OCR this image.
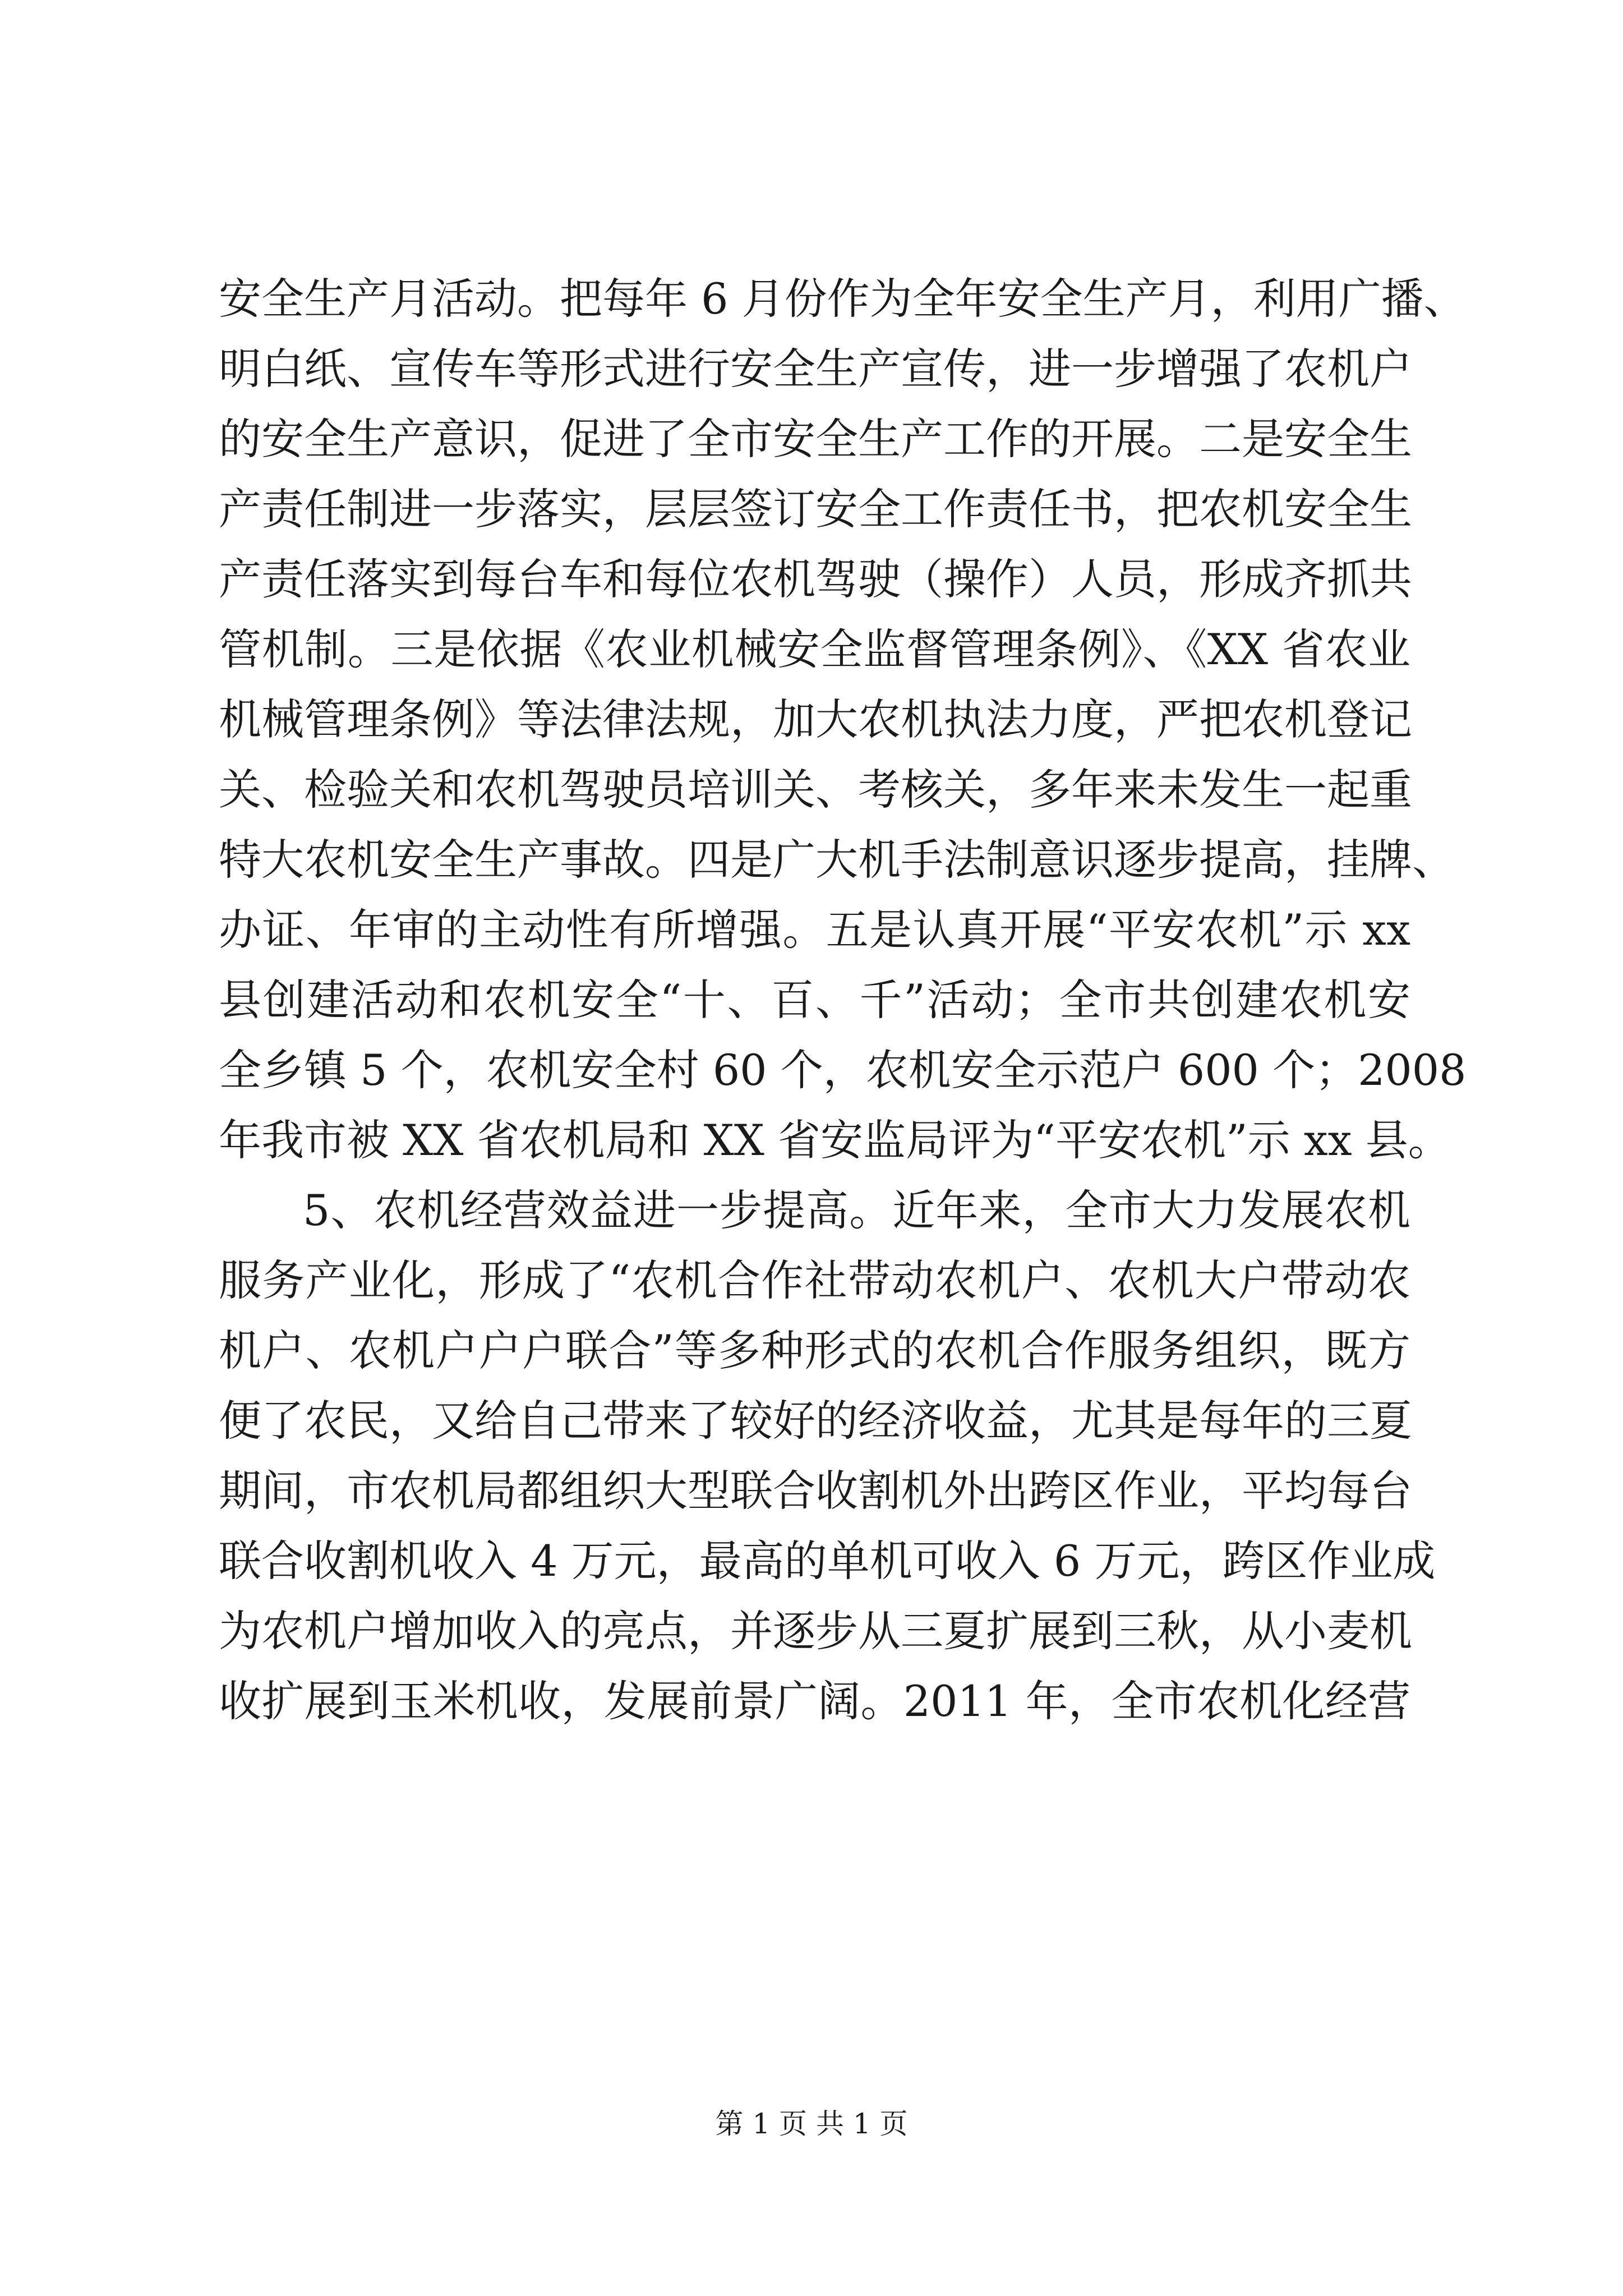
安全生产月活动。把每年 6 月份作为全年安全生产月，利用广播、
明白纸、宣传车等形式进行安全生产宣传，进一步增强了农机户
的安全生产意识，促进了全市安全生产工作的开展。二是安全生
产责任制进一步落实，层层签订安全工作责任书，把农机安全生
产责任落实到每台车和每位农机驾驶（操作）人员，形成齐抓共
管机制。三是依据《农业机械安全监督管理条例》、《XX 省农业
机械管理条例》等法律法规，加大农机执法力度，严把农机登记
关、检验关和农机驾驶员培训关、考核关，多年来未发生一起重
特大农机安全生产事故。四是广大机手法制意识逐步提高，挂牌、
办证、年审的主动性有所增强。五是认真开展“平安农机”示 xx
县创建活动和农机安全“十、百、千”活动；全市共创建农机安
全乡镇 5 个，农机安全村 60 个，农机安全示范户 600 个；2008
年我市被 XX 省农机局和 XX 省安监局评为“平安农机”示 xx 县。
5、农机经营效益进一步提高。近年来，全市大力发展农机
服务产业化，形成了“农机合作社带动农机户、农机大户带动农
机户、农机户户户联合”等多种形式的农机合作服务组织，既方
便了农民，又给自己带来了较好的经济收益，尤其是每年的三夏
期间，市农机局都组织大型联合收割机外出跨区作业，平均每台
联合收割机收入 4 万元，最高的单机可收入 6 万元，跨区作业成
为农机户增加收入的亮点，并逐步从三夏扩展到三秋，从小麦机
收扩展到玉米机收，发展前景广阔。2011 年，全市农机化经营
第 1 页 共 1 页
